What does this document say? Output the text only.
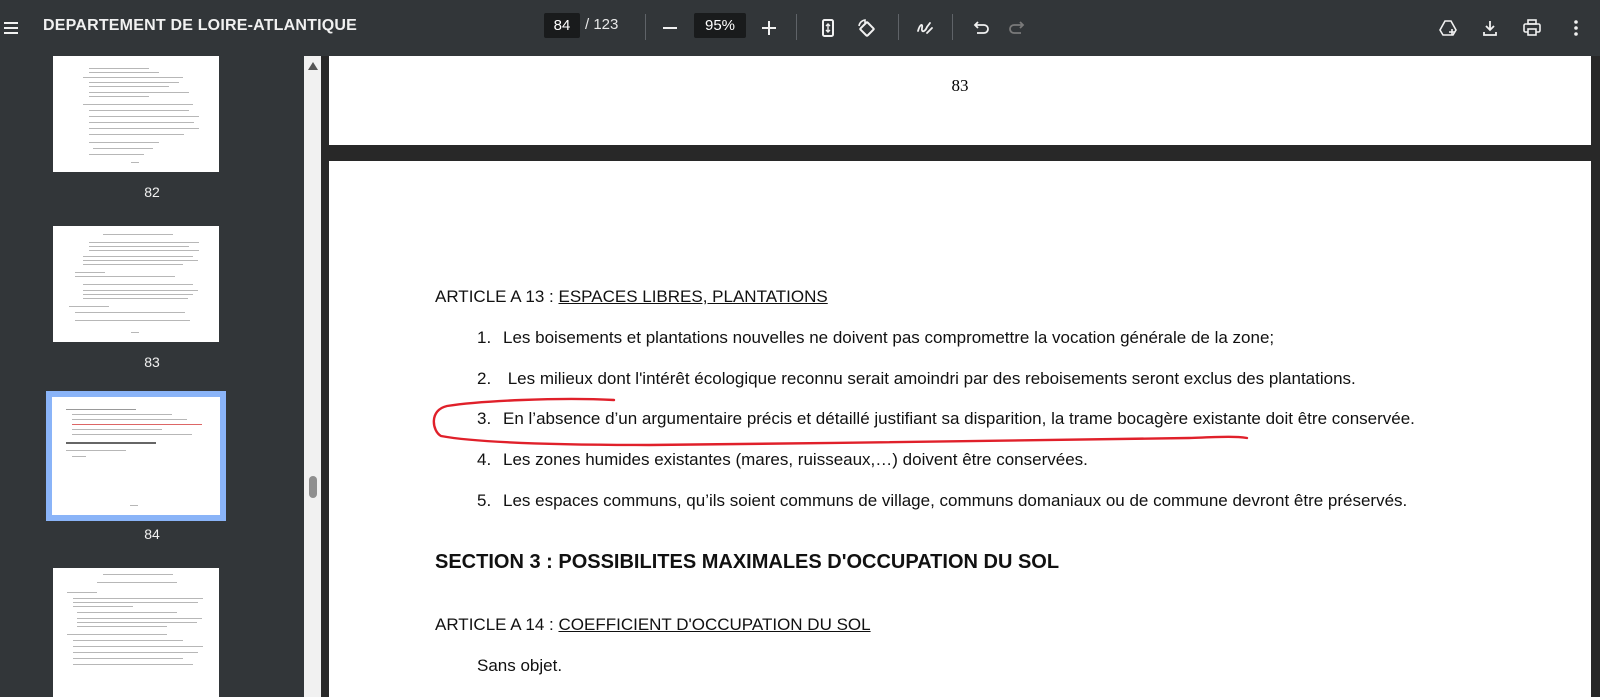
DEPARTEMENT DE LOIRE-ATLANTIQUE	84 / 123	95%
82
83
84
83
ARTICLE A 13 : ESPACES LIBRES, PLANTATIONS
1. Les boisements et plantations nouvelles ne doivent pas compromettre la vocation générale de la zone;
2. Les milieux dont l'intérêt écologique reconnu serait amoindri par des reboisements seront exclus des plantations.
3. En l’absence d’un argumentaire précis et détaillé justifiant sa disparition, la trame bocagère existante doit être conservée.
4. Les zones humides existantes (mares, ruisseaux,…) doivent être conservées.
5. Les espaces communs, qu’ils soient communs de village, communs domaniaux ou de commune devront être préservés.
SECTION 3 : POSSIBILITES MAXIMALES D'OCCUPATION DU SOL
ARTICLE A 14 : COEFFICIENT D'OCCUPATION DU SOL
Sans objet.
